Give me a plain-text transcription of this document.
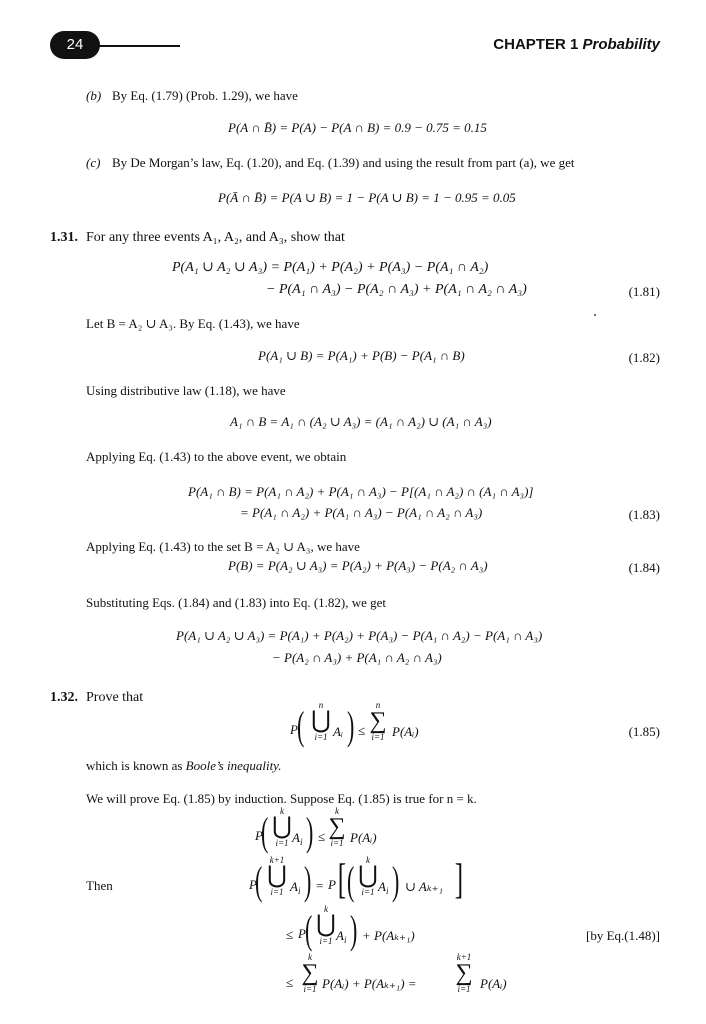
24	CHAPTER 1 Probability
(b) By Eq. (1.79) (Prob. 1.29), we have
P(A ∩ B̄) = P(A) − P(A ∩ B) = 0.9 − 0.75 = 0.15
(c) By De Morgan’s law, Eq. (1.20), and Eq. (1.39) and using the result from part (a), we get
P(Ā ∩ B̄) = P(A ∪ B) = 1 − P(A ∪ B) = 1 − 0.95 = 0.05
1.31. For any three events A₁, A₂, and A₃, show that
P(A₁ ∪ A₂ ∪ A₃) = P(A₁) + P(A₂) + P(A₃) − P(A₁ ∩ A₂)
− P(A₁ ∩ A₃) − P(A₂ ∩ A₃) + P(A₁ ∩ A₂ ∩ A₃)	(1.81)
Let B = A₂ ∪ A₃. By Eq. (1.43), we have
P(A₁ ∪ B) = P(A₁) + P(B) − P(A₁ ∩ B)	(1.82)
Using distributive law (1.18), we have
A₁ ∩ B = A₁ ∩ (A₂ ∪ A₃) = (A₁ ∩ A₂) ∪ (A₁ ∩ A₃)
Applying Eq. (1.43) to the above event, we obtain
P(A₁ ∩ B) = P(A₁ ∩ A₂) + P(A₁ ∩ A₃) − P[(A₁ ∩ A₂) ∩ (A₁ ∩ A₃)]
= P(A₁ ∩ A₂) + P(A₁ ∩ A₃) − P(A₁ ∩ A₂ ∩ A₃)	(1.83)
Applying Eq. (1.43) to the set B = A₂ ∪ A₃, we have
P(B) = P(A₂ ∪ A₃) = P(A₂) + P(A₃) − P(A₂ ∩ A₃)	(1.84)
Substituting Eqs. (1.84) and (1.83) into Eq. (1.82), we get
P(A₁ ∪ A₂ ∪ A₃) = P(A₁) + P(A₂) + P(A₃) − P(A₁ ∩ A₂) − P(A₁ ∩ A₃)
− P(A₂ ∩ A₃) + P(A₁ ∩ A₂ ∩ A₃)
1.32. Prove that
P (	n
⋃
i=1 Aᵢ ) ≤
n
∑
i=1 P(Aᵢ)	(1.85)
which is known as Boole’s inequality.
We will prove Eq. (1.85) by induction. Suppose Eq. (1.85) is true for n = k.
P
(	k
⋃
i=1 $A_i$ ) ≤
k
∑
i=1 P(Aᵢ)
Then	P
( k+1
⋃
i=1 $A_i$ ) = P [ (	k
⋃
i=1 $A_i$ ) ∪ Aₖ₊₁ ]
≤ P (	k
⋃
i=1 $A_i$ ) + P(Aₖ₊₁)	[by Eq.(1.48)]
≤
k
∑
i=1 P(Aᵢ) + P(Aₖ₊₁) =
k+1
∑
i=1 P(Aᵢ)
